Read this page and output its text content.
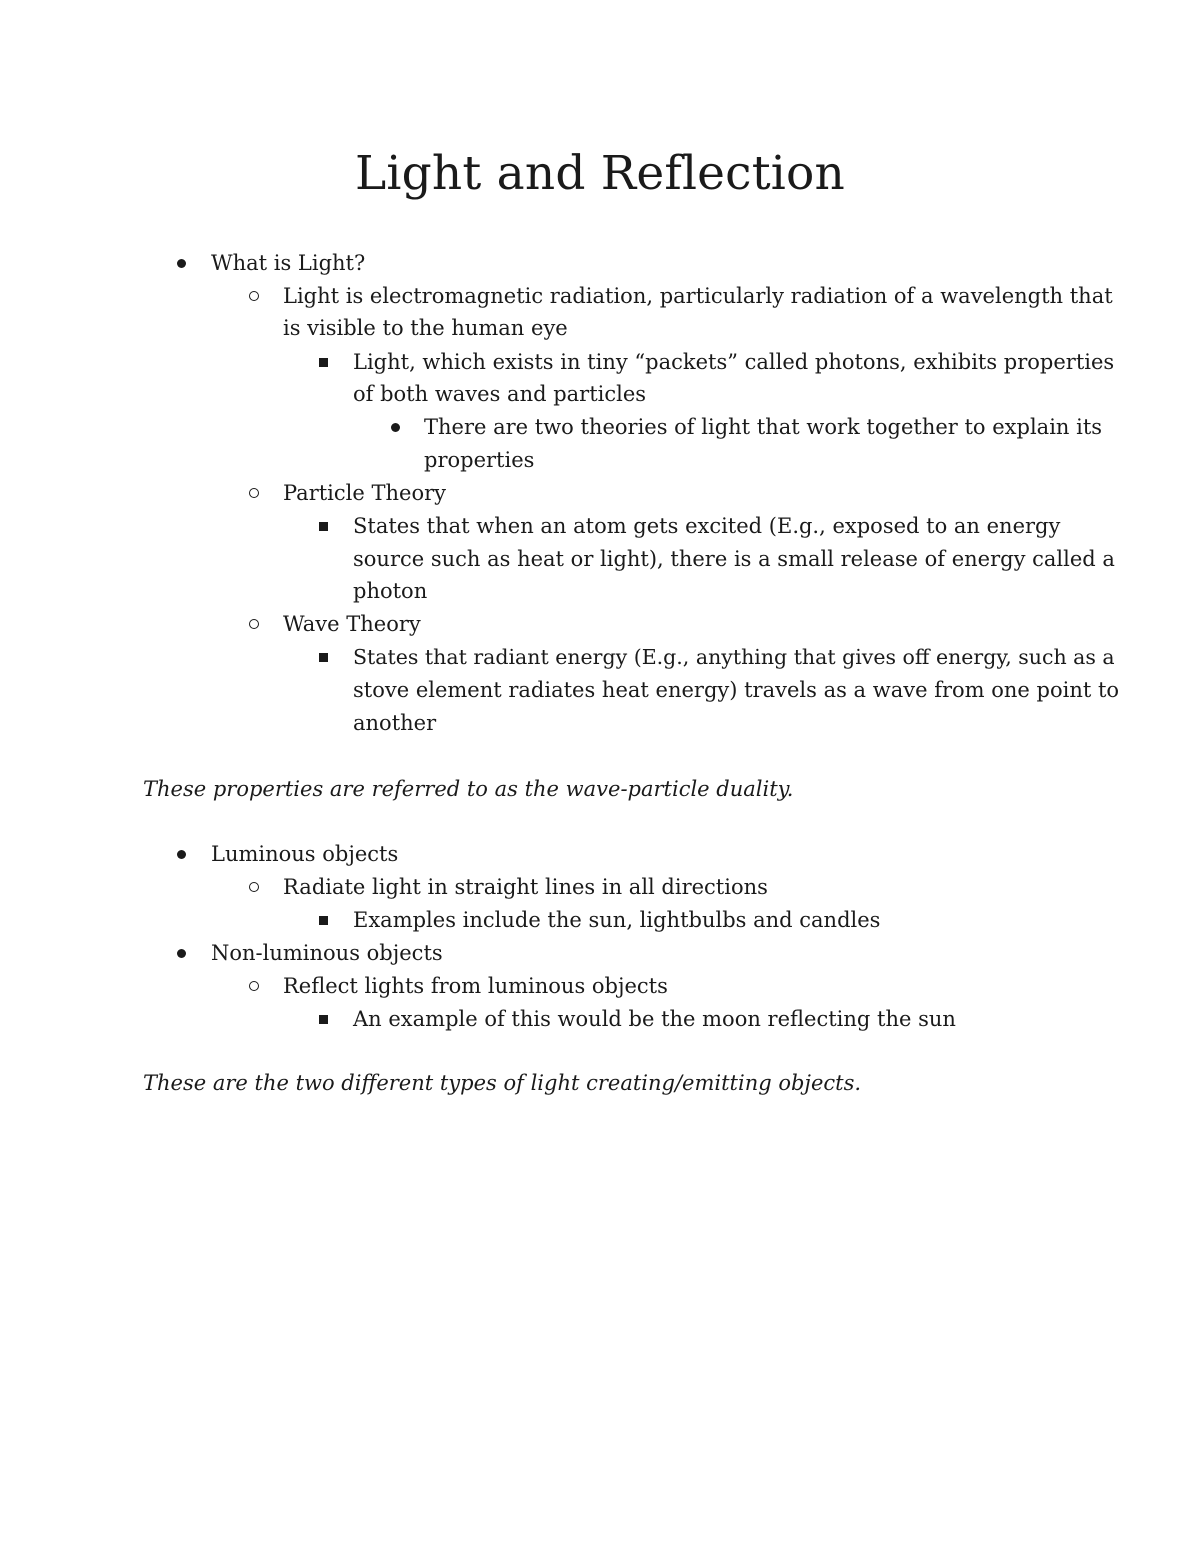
Light and Reflection
What is Light?
Light is electromagnetic radiation, particularly radiation of a wavelength that
is visible to the human eye
Light, which exists in tiny “packets” called photons, exhibits properties
of both waves and particles
There are two theories of light that work together to explain its
properties
Particle Theory
States that when an atom gets excited (E.g., exposed to an energy
source such as heat or light), there is a small release of energy called a
photon
Wave Theory
States that radiant energy (E.g., anything that gives off energy, such as a
stove element radiates heat energy) travels as a wave from one point to
another
These properties are referred to as the wave-particle duality.
Luminous objects
Radiate light in straight lines in all directions
Examples include the sun, lightbulbs and candles
Non-luminous objects
Reflect lights from luminous objects
An example of this would be the moon reflecting the sun
These are the two different types of light creating/emitting objects.
